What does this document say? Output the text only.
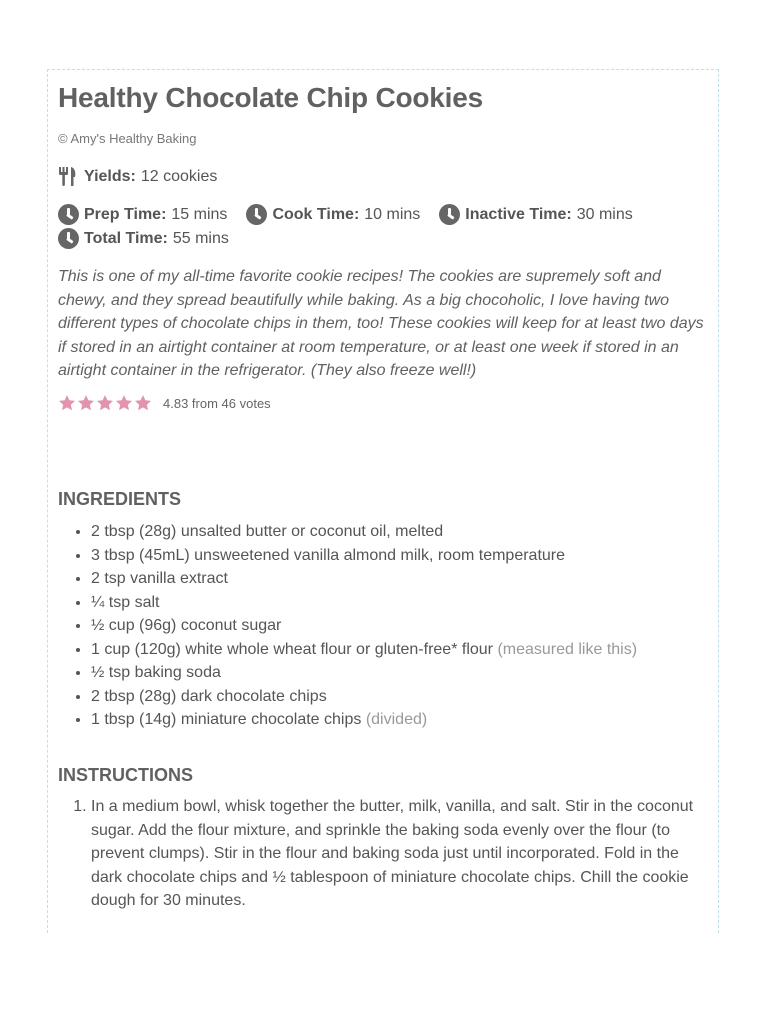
Healthy Chocolate Chip Cookies
© Amy's Healthy Baking
Yields: 12 cookies
Prep Time: 15 mins	Cook Time: 10 mins	Inactive Time: 30 mins
Total Time: 55 mins

This is one of my all-time favorite cookie recipes! The cookies are supremely soft and chewy, and they spread beautifully while baking. As a big chocoholic, I love having two different types of chocolate chips in them, too! These cookies will keep for at least two days if stored in an airtight container at room temperature, or at least one week if stored in an airtight container in the refrigerator. (They also freeze well!)

4.83 from 46 votes
INGREDIENTS
• 2 tbsp (28g) unsalted butter or coconut oil, melted
• 3 tbsp (45mL) unsweetened vanilla almond milk, room temperature
• 2 tsp vanilla extract
• ¼ tsp salt
• ½ cup (96g) coconut sugar
• 1 cup (120g) white whole wheat flour or gluten-free* flour (measured like this)
• ½ tsp baking soda
• 2 tbsp (28g) dark chocolate chips
• 1 tbsp (14g) miniature chocolate chips (divided)
INSTRUCTIONS
1. In a medium bowl, whisk together the butter, milk, vanilla, and salt. Stir in the coconut sugar. Add the flour mixture, and sprinkle the baking soda evenly over the flour (to prevent clumps). Stir in the flour and baking soda just until incorporated. Fold in the dark chocolate chips and ½ tablespoon of miniature chocolate chips. Chill the cookie dough for 30 minutes.
